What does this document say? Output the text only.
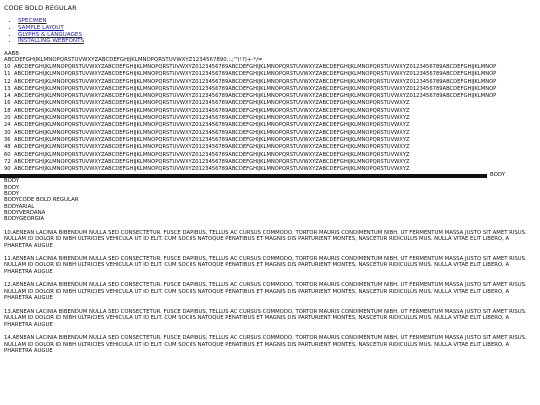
CODE BOLD REGULAR
• SPECIMEN
• SAMPLE LAYOUT
• GLYPHS & LANGUAGES
• INSTALLING WEBFONTS
AABB
ABCDEFGHIJKLMNOPQRSTUVWXYZABCDEFGHIJKLMNOPQRSTUVWXYZ1234567890.:,;'"(!?)+-*/=
10 ABCDEFGHIJKLMNOPQRSTUVWXYZABCDEFGHIJKLMNOPQRSTUVWXYZ0123456789ABCDEFGHIJKLMNOPQRSTUVWXYZABCDEFGHIJKLMNOPQRSTUVWXYZ0123456789ABCDEFGHIJKLMNOP
11 ABCDEFGHIJKLMNOPQRSTUVWXYZABCDEFGHIJKLMNOPQRSTUVWXYZ0123456789ABCDEFGHIJKLMNOPQRSTUVWXYZABCDEFGHIJKLMNOPQRSTUVWXYZ0123456789ABCDEFGHIJKLMNOP
12 ABCDEFGHIJKLMNOPQRSTUVWXYZABCDEFGHIJKLMNOPQRSTUVWXYZ0123456789ABCDEFGHIJKLMNOPQRSTUVWXYZABCDEFGHIJKLMNOPQRSTUVWXYZ0123456789ABCDEFGHIJKLMNOP
13 ABCDEFGHIJKLMNOPQRSTUVWXYZABCDEFGHIJKLMNOPQRSTUVWXYZ0123456789ABCDEFGHIJKLMNOPQRSTUVWXYZABCDEFGHIJKLMNOPQRSTUVWXYZ0123456789ABCDEFGHIJKLMNOP
14 ABCDEFGHIJKLMNOPQRSTUVWXYZABCDEFGHIJKLMNOPQRSTUVWXYZ0123456789ABCDEFGHIJKLMNOPQRSTUVWXYZABCDEFGHIJKLMNOPQRSTUVWXYZ0123456789ABCDEFGHIJKLMNOP
16 ABCDEFGHIJKLMNOPQRSTUVWXYZABCDEFGHIJKLMNOPQRSTUVWXYZ0123456789ABCDEFGHIJKLMNOPQRSTUVWXYZABCDEFGHIJKLMNOPQRSTUVWXYZ
18 ABCDEFGHIJKLMNOPQRSTUVWXYZABCDEFGHIJKLMNOPQRSTUVWXYZ0123456789ABCDEFGHIJKLMNOPQRSTUVWXYZABCDEFGHIJKLMNOPQRSTUVWXYZ
20 ABCDEFGHIJKLMNOPQRSTUVWXYZABCDEFGHIJKLMNOPQRSTUVWXYZ0123456789ABCDEFGHIJKLMNOPQRSTUVWXYZABCDEFGHIJKLMNOPQRSTUVWXYZ
24 ABCDEFGHIJKLMNOPQRSTUVWXYZABCDEFGHIJKLMNOPQRSTUVWXYZ0123456789ABCDEFGHIJKLMNOPQRSTUVWXYZABCDEFGHIJKLMNOPQRSTUVWXYZ
30 ABCDEFGHIJKLMNOPQRSTUVWXYZABCDEFGHIJKLMNOPQRSTUVWXYZ0123456789ABCDEFGHIJKLMNOPQRSTUVWXYZABCDEFGHIJKLMNOPQRSTUVWXYZ
36 ABCDEFGHIJKLMNOPQRSTUVWXYZABCDEFGHIJKLMNOPQRSTUVWXYZ0123456789ABCDEFGHIJKLMNOPQRSTUVWXYZABCDEFGHIJKLMNOPQRSTUVWXYZ
48 ABCDEFGHIJKLMNOPQRSTUVWXYZABCDEFGHIJKLMNOPQRSTUVWXYZ0123456789ABCDEFGHIJKLMNOPQRSTUVWXYZABCDEFGHIJKLMNOPQRSTUVWXYZ
60 ABCDEFGHIJKLMNOPQRSTUVWXYZABCDEFGHIJKLMNOPQRSTUVWXYZ0123456789ABCDEFGHIJKLMNOPQRSTUVWXYZABCDEFGHIJKLMNOPQRSTUVWXYZ
72 ABCDEFGHIJKLMNOPQRSTUVWXYZABCDEFGHIJKLMNOPQRSTUVWXYZ0123456789ABCDEFGHIJKLMNOPQRSTUVWXYZABCDEFGHIJKLMNOPQRSTUVWXYZ
90 ABCDEFGHIJKLMNOPQRSTUVWXYZABCDEFGHIJKLMNOPQRSTUVWXYZ0123456789ABCDEFGHIJKLMNOPQRSTUVWXYZABCDEFGHIJKLMNOPQRSTUVWXYZ
BODY
BODY
BODY
BODY
BODYCODE BOLD REGULAR
BODYARIAL
BODYVERDANA
BODYGEORGIA

10.AENEAN LACINIA BIBENDUM NULLA SED CONSECTETUR. FUSCE DAPIBUS, TELLUS AC CURSUS COMMODO, TORTOR MAURIS CONDIMENTUM NIBH, UT FERMENTUM MASSA JUSTO SIT AMET RISUS. NULLAM ID DOLOR ID NIBH ULTRICIES VEHICULA UT ID ELIT. CUM SOCIIS NATOQUE PENATIBUS ET MAGNIS DIS PARTURIENT MONTES, NASCETUR RIDICULUS MUS. NULLA VITAE ELIT LIBERO, A PHARETRA AUGUE

11.AENEAN LACINIA BIBENDUM NULLA SED CONSECTETUR. FUSCE DAPIBUS, TELLUS AC CURSUS COMMODO, TORTOR MAURIS CONDIMENTUM NIBH, UT FERMENTUM MASSA JUSTO SIT AMET RISUS. NULLAM ID DOLOR ID NIBH ULTRICIES VEHICULA UT ID ELIT. CUM SOCIIS NATOQUE PENATIBUS ET MAGNIS DIS PARTURIENT MONTES, NASCETUR RIDICULUS MUS. NULLA VITAE ELIT LIBERO, A PHARETRA AUGUE

12.AENEAN LACINIA BIBENDUM NULLA SED CONSECTETUR. FUSCE DAPIBUS, TELLUS AC CURSUS COMMODO, TORTOR MAURIS CONDIMENTUM NIBH, UT FERMENTUM MASSA JUSTO SIT AMET RISUS. NULLAM ID DOLOR ID NIBH ULTRICIES VEHICULA UT ID ELIT. CUM SOCIIS NATOQUE PENATIBUS ET MAGNIS DIS PARTURIENT MONTES, NASCETUR RIDICULUS MUS. NULLA VITAE ELIT LIBERO, A PHARETRA AUGUE

13.AENEAN LACINIA BIBENDUM NULLA SED CONSECTETUR. FUSCE DAPIBUS, TELLUS AC CURSUS COMMODO, TORTOR MAURIS CONDIMENTUM NIBH, UT FERMENTUM MASSA JUSTO SIT AMET RISUS. NULLAM ID DOLOR ID NIBH ULTRICIES VEHICULA UT ID ELIT. CUM SOCIIS NATOQUE PENATIBUS ET MAGNIS DIS PARTURIENT MONTES, NASCETUR RIDICULUS MUS. NULLA VITAE ELIT LIBERO, A PHARETRA AUGUE

14.AENEAN LACINIA BIBENDUM NULLA SED CONSECTETUR. FUSCE DAPIBUS, TELLUS AC CURSUS COMMODO, TORTOR MAURIS CONDIMENTUM NIBH, UT FERMENTUM MASSA JUSTO SIT AMET RISUS. NULLAM ID DOLOR ID NIBH ULTRICIES VEHICULA UT ID ELIT. CUM SOCIIS NATOQUE PENATIBUS ET MAGNIS DIS PARTURIENT MONTES, NASCETUR RIDICULUS MUS. NULLA VITAE ELIT LIBERO, A PHARETRA AUGUE
